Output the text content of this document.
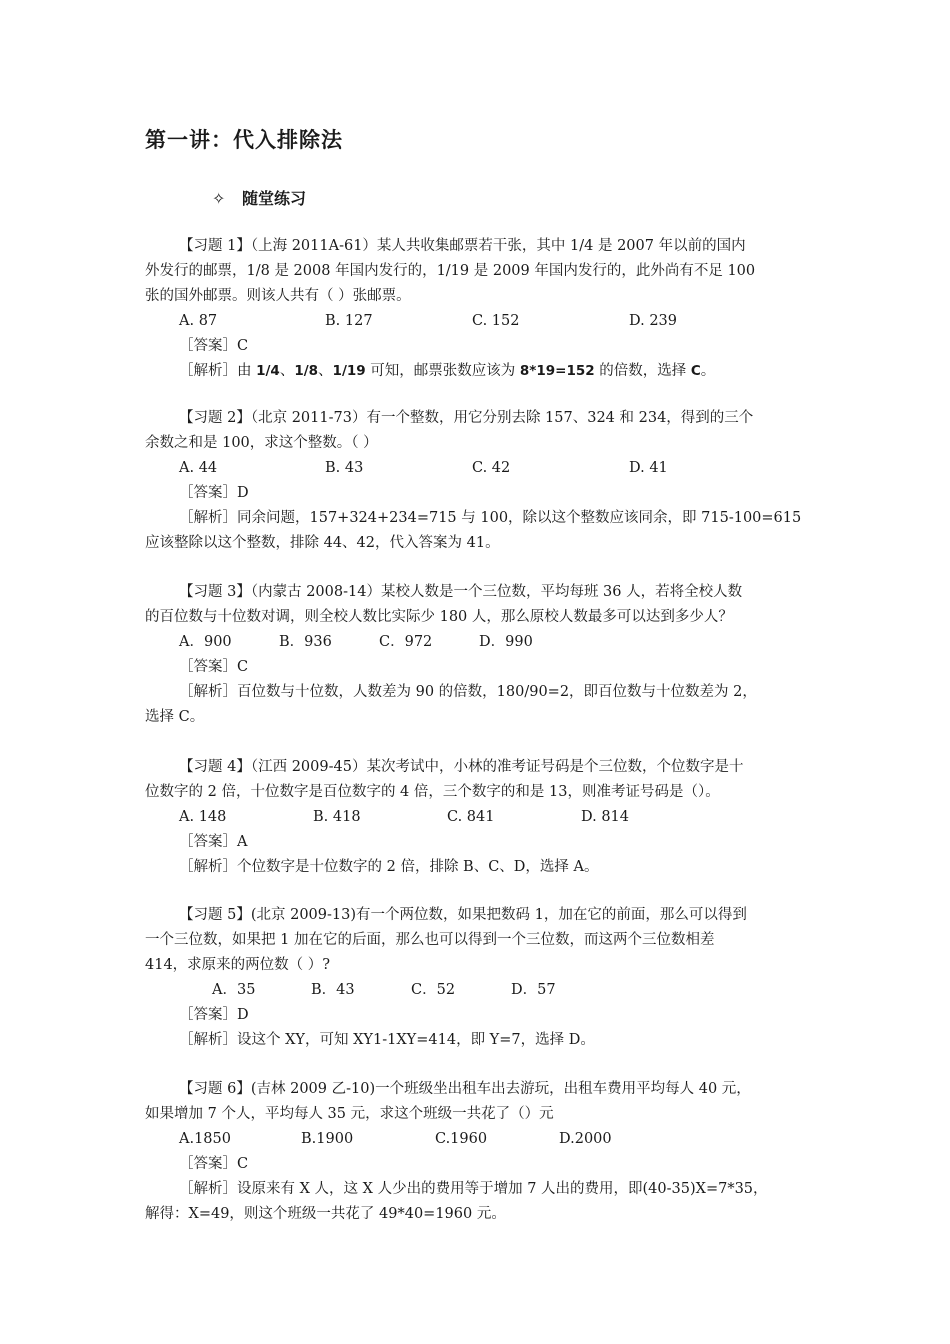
第一讲：代入排除法
✧ 随堂练习
【习题 1】（上海 2011A-61）某人共收集邮票若干张，其中 1/4 是 2007 年以前的国内
外发行的邮票，1/8 是 2008 年国内发行的，1/19 是 2009 年国内发行的，此外尚有不足 100
张的国外邮票。则该人共有（ ）张邮票。
A. 87	B. 127	C. 152	D. 239
［答案］C
［解析］由 1/4、1/8、1/19 可知，邮票张数应该为 8*19=152 的倍数，选择 C。
【习题 2】（北京 2011-73）有一个整数，用它分别去除 157、324 和 234，得到的三个
余数之和是 100，求这个整数。（ ）
A. 44	B. 43	C. 42	D. 41
［答案］D
［解析］同余问题，157+324+234=715 与 100，除以这个整数应该同余，即 715-100=615
应该整除以这个整数，排除 44、42，代入答案为 41。
【习题 3】（内蒙古 2008-14）某校人数是一个三位数，平均每班 36 人，若将全校人数
的百位数与十位数对调，则全校人数比实际少 180 人，那么原校人数最多可以达到多少人？
A．900	B．936	C．972	D．990
［答案］C
［解析］百位数与十位数，人数差为 90 的倍数，180/90=2，即百位数与十位数差为 2，
选择 C。
【习题 4】（江西 2009-45）某次考试中，小林的准考证号码是个三位数，个位数字是十
位数字的 2 倍，十位数字是百位数字的 4 倍，三个数字的和是 13，则准考证号码是（）。
A. 148	B. 418	C. 841	D. 814
［答案］A
［解析］个位数字是十位数字的 2 倍，排除 B、C、D，选择 A。
【习题 5】(北京 2009-13)有一个两位数，如果把数码 1，加在它的前面，那么可以得到
一个三位数，如果把 1 加在它的后面，那么也可以得到一个三位数，而这两个三位数相差
414，求原来的两位数（ ）?
A．35	B．43	C．52	D．57
［答案］D
［解析］设这个 XY，可知 XY1-1XY=414，即 Y=7，选择 D。
【习题 6】(吉林 2009 乙-10)一个班级坐出租车出去游玩，出租车费用平均每人 40 元，
如果增加 7 个人，平均每人 35 元，求这个班级一共花了（）元
A.1850	B.1900	C.1960	D.2000
［答案］C
［解析］设原来有 X 人，这 X 人少出的费用等于增加 7 人出的费用，即(40-35)X=7*35，
解得：X=49，则这个班级一共花了 49*40=1960 元。
